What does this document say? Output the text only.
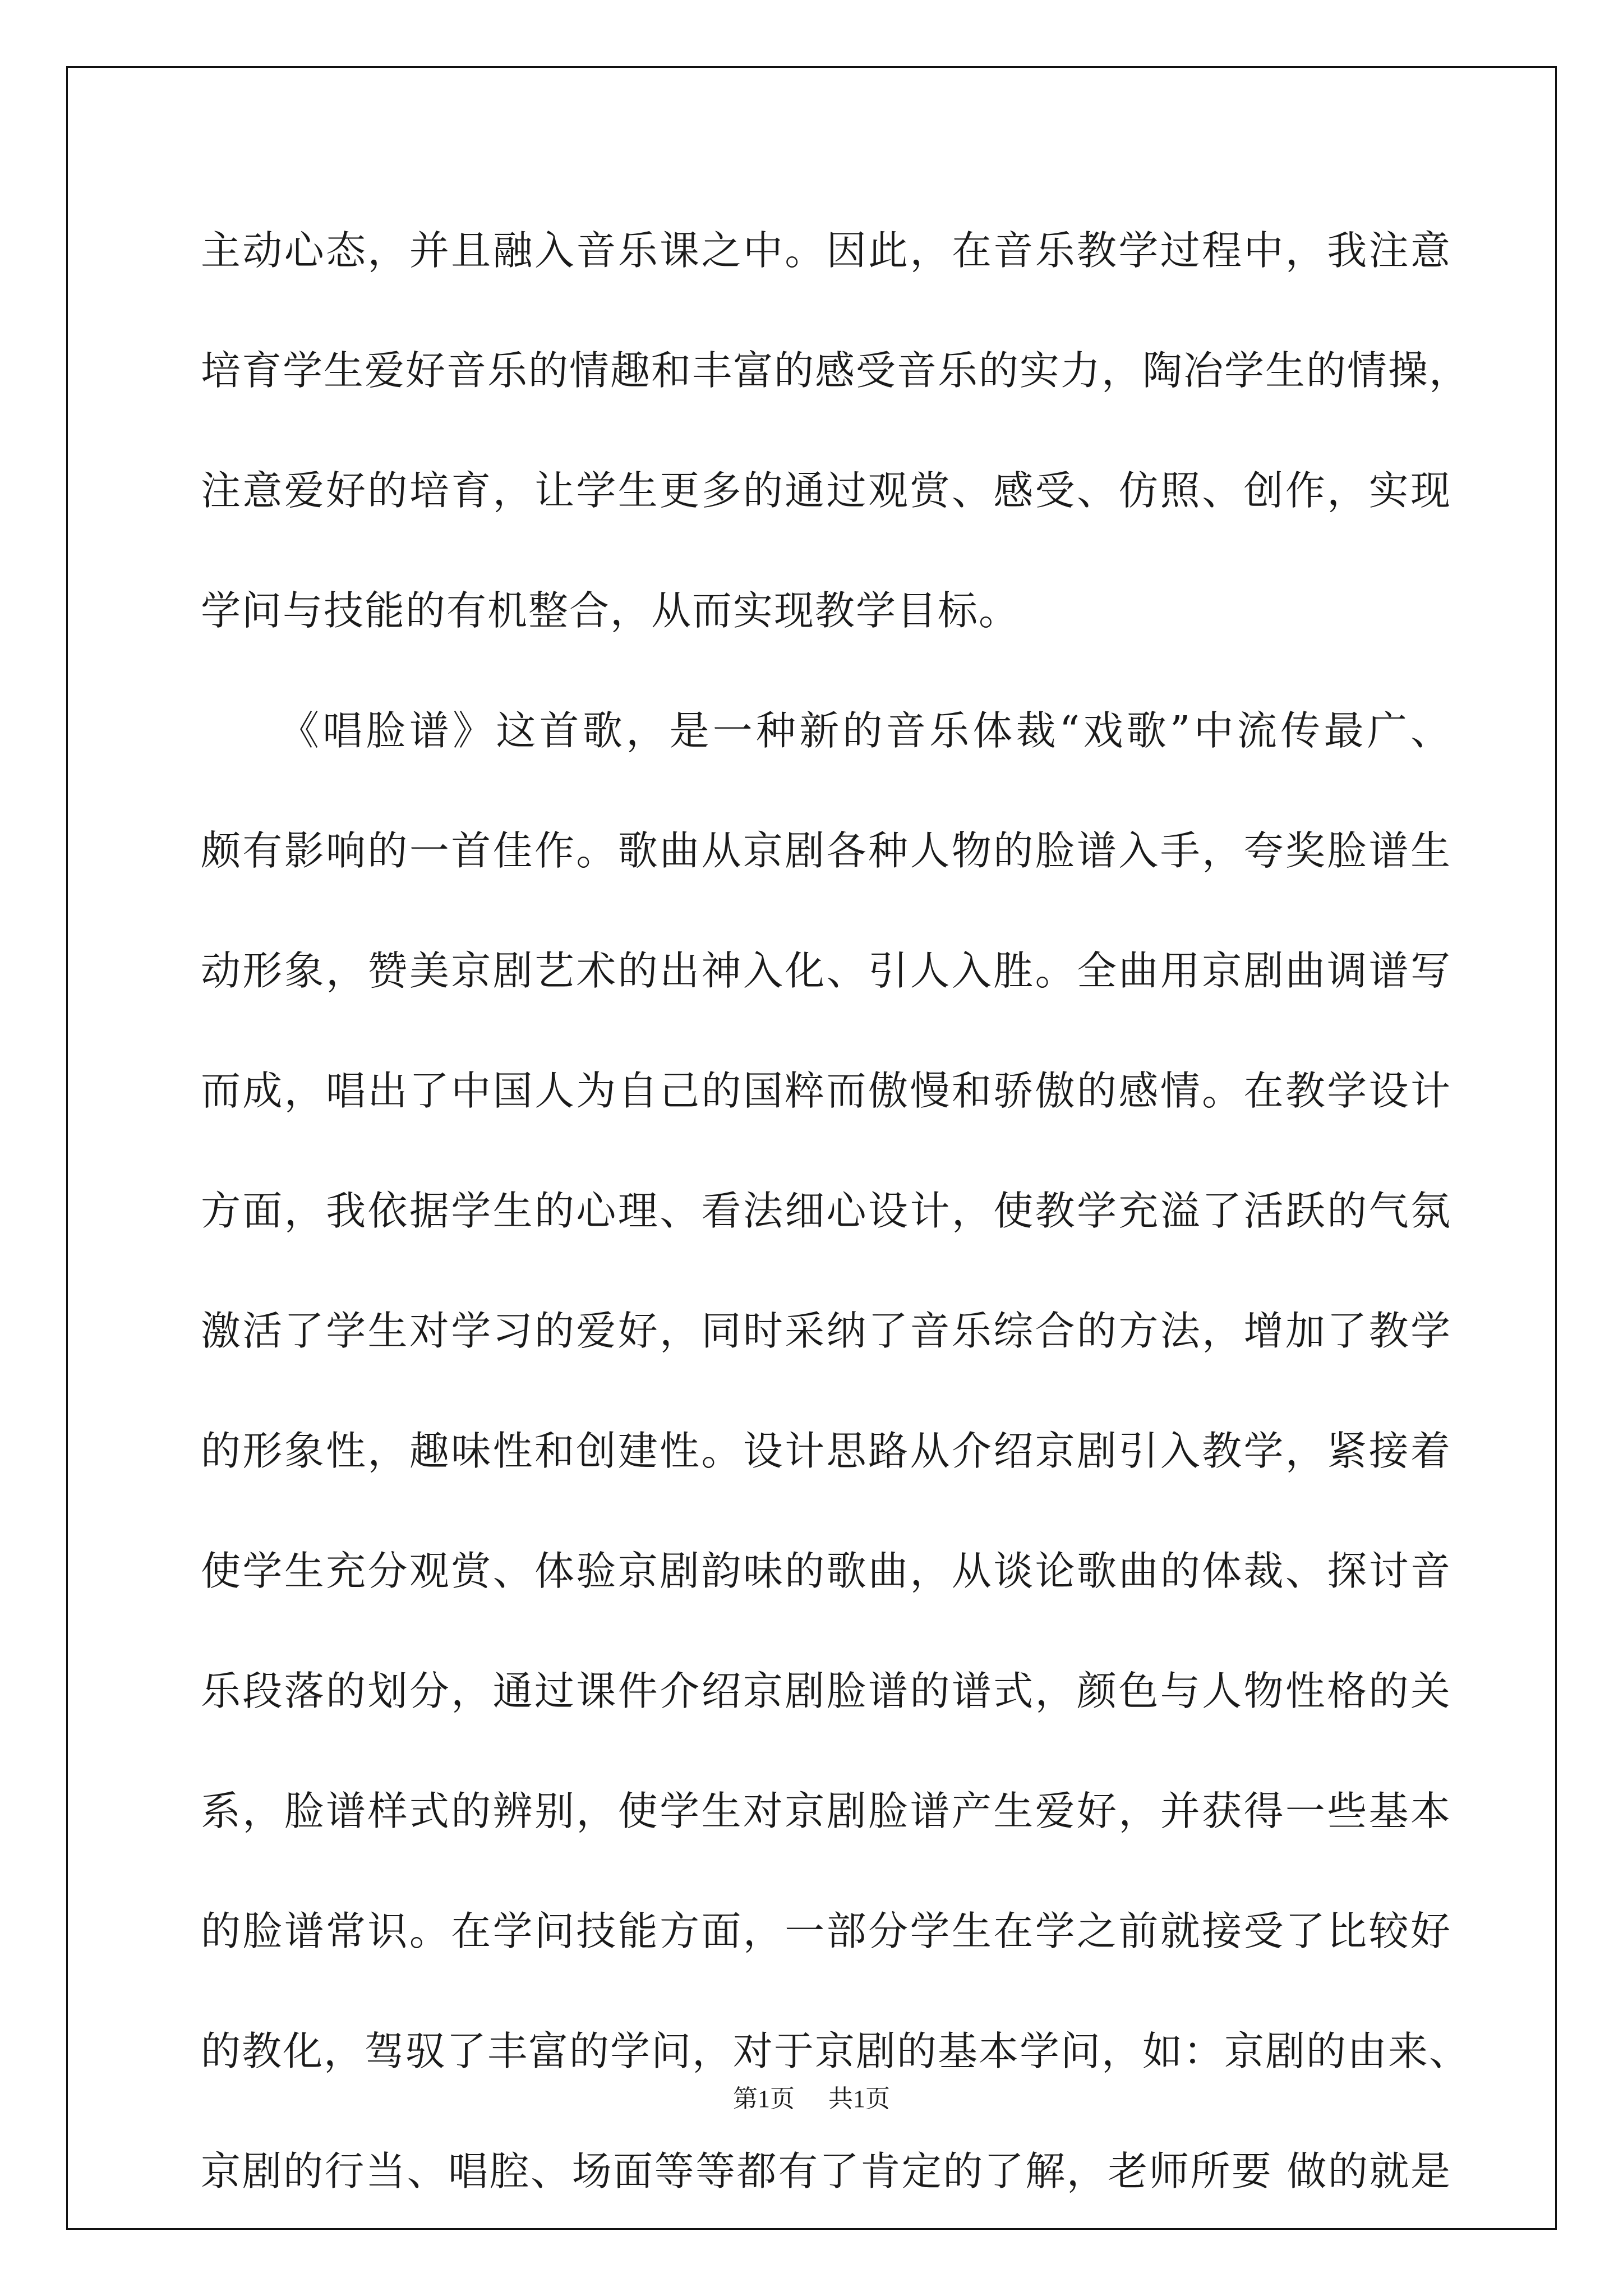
主动心态，并且融入音乐课之中。因此，在音乐教学过程中，我注意
培育学生爱好音乐的情趣和丰富的感受音乐的实力，陶冶学生的情操，
注意爱好的培育，让学生更多的通过观赏、感受、仿照、创作，实现
学问与技能的有机整合，从而实现教学目标。
《唱脸谱》这首歌，是一种新的音乐体裁“戏歌”中流传最广、
颇有影响的一首佳作。歌曲从京剧各种人物的脸谱入手，夸奖脸谱生
动形象，赞美京剧艺术的出神入化、引人入胜。全曲用京剧曲调谱写
而成，唱出了中国人为自己的国粹而傲慢和骄傲的感情。在教学设计
方面，我依据学生的心理、看法细心设计，使教学充溢了活跃的气氛
激活了学生对学习的爱好，同时采纳了音乐综合的方法，增加了教学
的形象性，趣味性和创建性。设计思路从介绍京剧引入教学，紧接着
使学生充分观赏、体验京剧韵味的歌曲，从谈论歌曲的体裁、探讨音
乐段落的划分，通过课件介绍京剧脸谱的谱式，颜色与人物性格的关
系，脸谱样式的辨别，使学生对京剧脸谱产生爱好，并获得一些基本
的脸谱常识。在学问技能方面，一部分学生在学之前就接受了比较好
的教化，驾驭了丰富的学问，对于京剧的基本学问，如：京剧的由来、
京剧的行当、唱腔、场面等等都有了肯定的了解，老师所要 做的就是
第1页 共1页
